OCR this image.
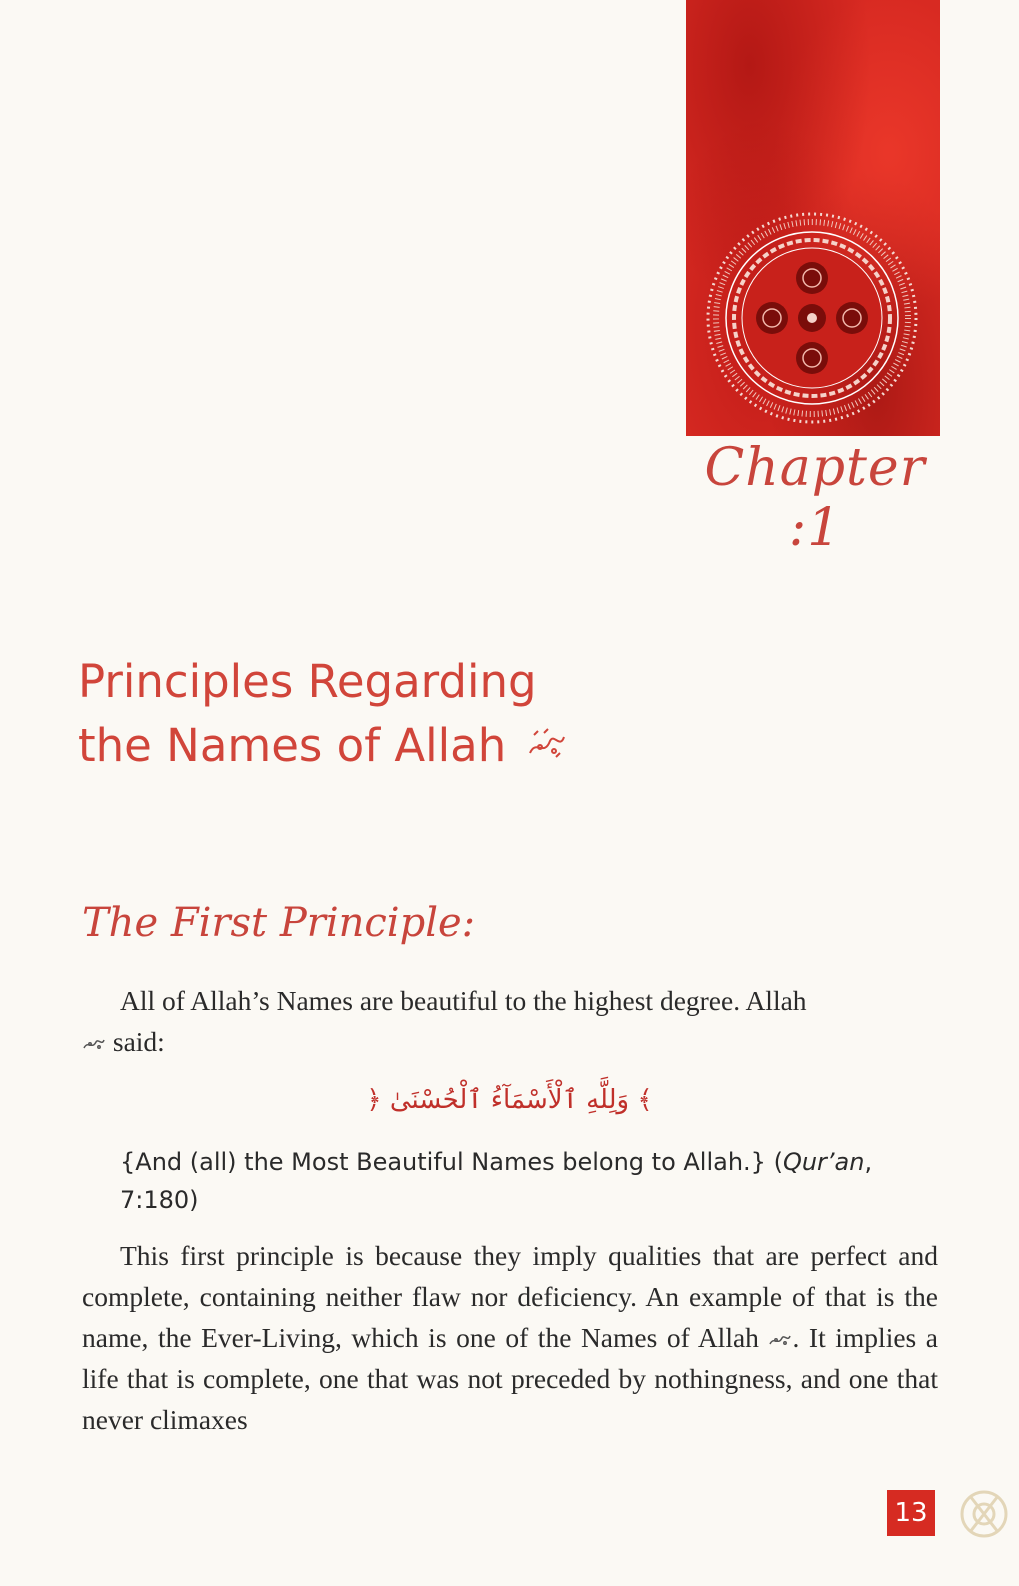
Chapter :1
Principles Regarding
the Names of Allah
The First Principle:

All of Allah’s Names are beautiful to the highest degree. Allah
said:

﴿ وَلِلَّهِ ٱلْأَسْمَآءُ ٱلْحُسْنَىٰ ﴾

{And (all) the Most Beautiful Names belong to Allah.} (Qur’an, 7:180)

This first principle is because they imply qualities that are perfect and complete, containing neither flaw nor deficiency. An example of that is the name, the Ever-Living, which is one of the Names of Allah . It implies a life that is complete, one that was not preceded by nothingness, and one that never climaxes

13
